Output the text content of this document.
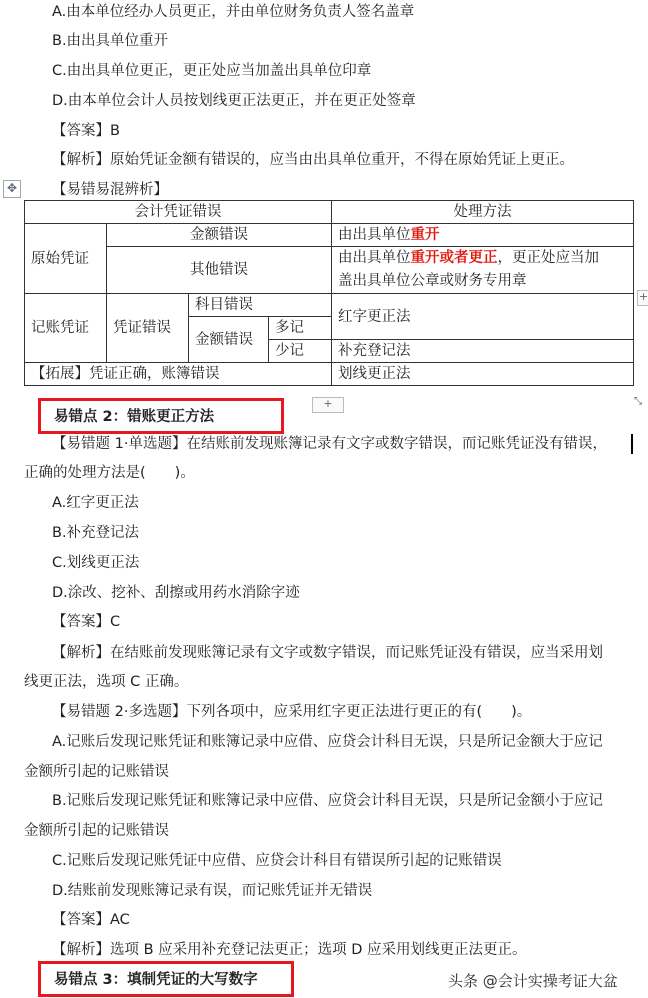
A.由本单位经办人员更正，并由单位财务负责人签名盖章
B.由出具单位重开
C.由出具单位更正，更正处应当加盖出具单位印章
D.由本单位会计人员按划线更正法更正，并在更正处签章
【答案】B
【解析】原始凭证金额有错误的，应当由出具单位重开，不得在原始凭证上更正。
【易错易混辨析】
✥
+
会计凭证错误				处理方法
原始凭证	金额错误			由出具单位重开
	其他错误			由出具单位重开或者更正，更正处应当加
盖出具单位公章或财务专用章
记账凭证	凭证错误	科目错误		红字更正法
		金额错误	多记	
			少记	补充登记法
【拓展】凭证正确，账簿错误				划线更正法
+	⤡
易错点 2：错账更正方法
【易错题 1·单选题】在结账前发现账簿记录有文字或数字错误，而记账凭证没有错误，
正确的处理方法是(　　)。
A.红字更正法
B.补充登记法
C.划线更正法
D.涂改、挖补、刮擦或用药水消除字迹
【答案】C
【解析】在结账前发现账簿记录有文字或数字错误，而记账凭证没有错误，应当采用划
线更正法，选项 C 正确。
【易错题 2·多选题】下列各项中，应采用红字更正法进行更正的有(　　)。
A.记账后发现记账凭证和账簿记录中应借、应贷会计科目无误，只是所记金额大于应记
金额所引起的记账错误
B.记账后发现记账凭证和账簿记录中应借、应贷会计科目无误，只是所记金额小于应记
金额所引起的记账错误
C.记账后发现记账凭证中应借、应贷会计科目有错误所引起的记账错误
D.结账前发现账簿记录有误，而记账凭证并无错误
【答案】AC
【解析】选项 B 应采用补充登记法更正；选项 D 应采用划线更正法更正。
易错点 3：填制凭证的大写数字	头条 @会计实操考证大盆
